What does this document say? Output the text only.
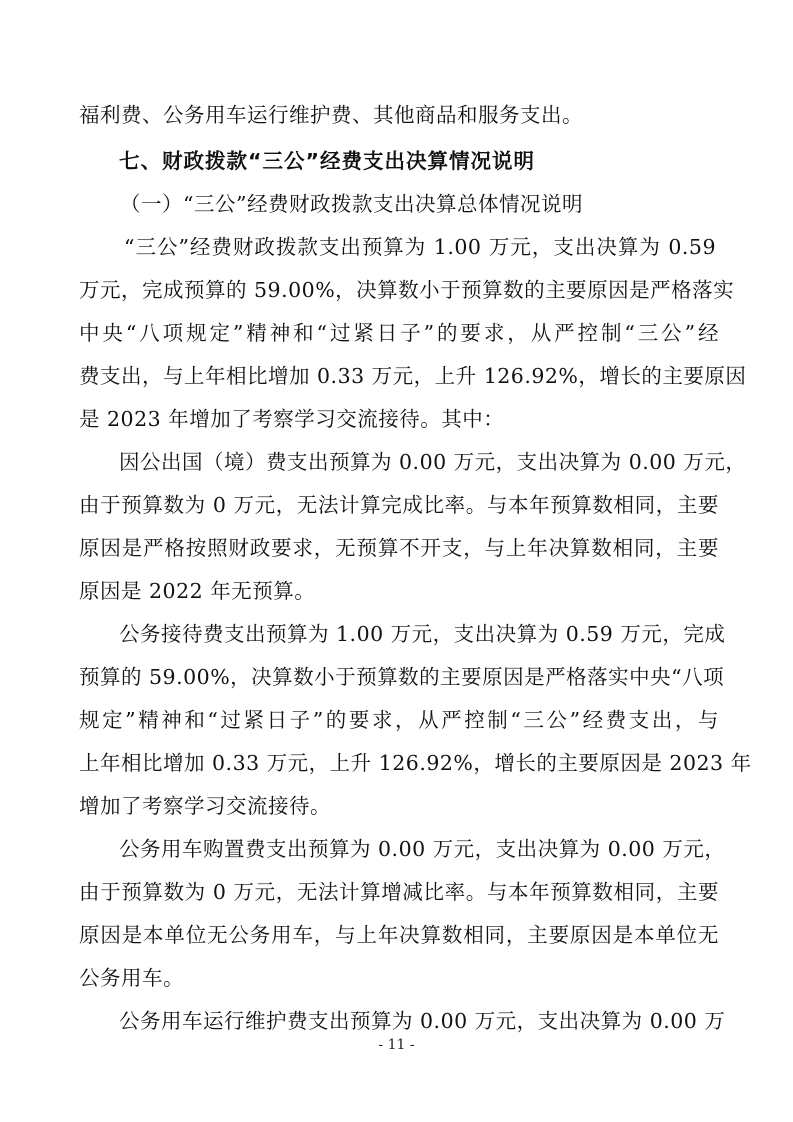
福利费、公务用车运行维护费、其他商品和服务支出。
七、财政拨款“三公”经费支出决算情况说明
（一）“三公”经费财政拨款支出决算总体情况说明
“三公”经费财政拨款支出预算为 1.00 万元，支出决算为 0.59
万元，完成预算的 59.00%，决算数小于预算数的主要原因是严格落实
中央“八项规定”精神和“过紧日子”的要求，从严控制“三公”经
费支出，与上年相比增加 0.33 万元，上升 126.92%，增长的主要原因
是 2023 年增加了考察学习交流接待。其中：
因公出国（境）费支出预算为 0.00 万元，支出决算为 0.00 万元，
由于预算数为 0 万元，无法计算完成比率。与本年预算数相同，主要
原因是严格按照财政要求，无预算不开支，与上年决算数相同，主要
原因是 2022 年无预算。
公务接待费支出预算为 1.00 万元，支出决算为 0.59 万元，完成
预算的 59.00%，决算数小于预算数的主要原因是严格落实中央“八项
规定”精神和“过紧日子”的要求，从严控制“三公”经费支出，与
上年相比增加 0.33 万元，上升 126.92%，增长的主要原因是 2023 年
增加了考察学习交流接待。
公务用车购置费支出预算为 0.00 万元，支出决算为 0.00 万元，
由于预算数为 0 万元，无法计算增减比率。与本年预算数相同，主要
原因是本单位无公务用车，与上年决算数相同，主要原因是本单位无
公务用车。
公务用车运行维护费支出预算为 0.00 万元，支出决算为 0.00 万
- 11 -
